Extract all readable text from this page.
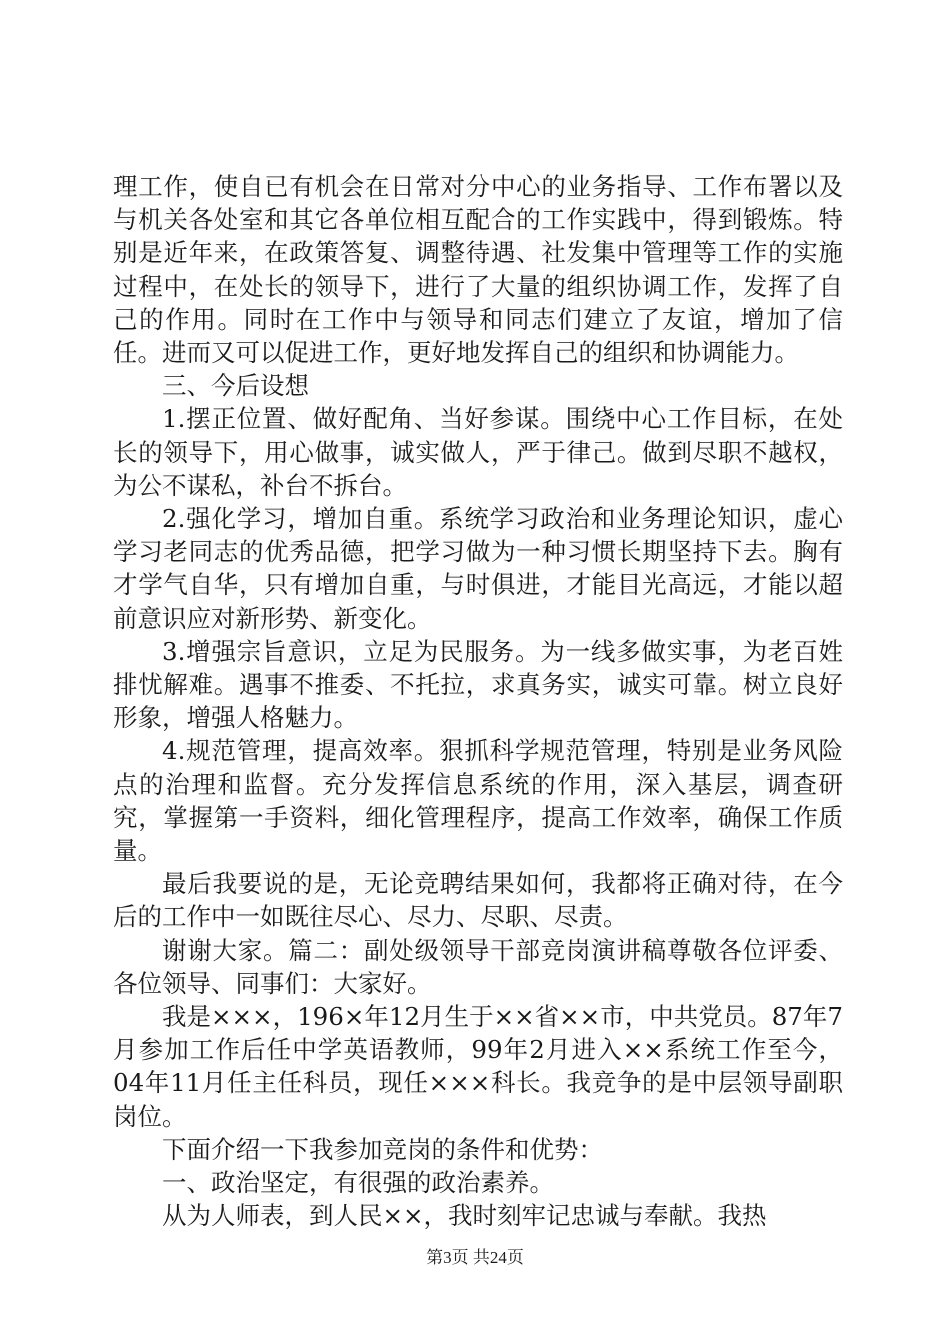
理工作，使自已有机会在日常对分中心的业务指导、工作布署以及与机关各处室和其它各单位相互配合的工作实践中，得到锻炼。特别是近年来，在政策答复、调整待遇、社发集中管理等工作的实施过程中，在处长的领导下，进行了大量的组织协调工作，发挥了自己的作用。同时在工作中与领导和同志们建立了友谊，增加了信任。进而又可以促进工作，更好地发挥自己的组织和协调能力。

三、今后设想

1.摆正位置、做好配角、当好参谋。围绕中心工作目标，在处长的领导下，用心做事，诚实做人，严于律己。做到尽职不越权，为公不谋私，补台不拆台。

2.强化学习，增加自重。系统学习政治和业务理论知识，虚心学习老同志的优秀品德，把学习做为一种习惯长期坚持下去。胸有才学气自华，只有增加自重，与时俱进，才能目光高远，才能以超前意识应对新形势、新变化。

3.增强宗旨意识，立足为民服务。为一线多做实事，为老百姓排忧解难。遇事不推委、不托拉，求真务实，诚实可靠。树立良好形象，增强人格魅力。

4.规范管理，提高效率。狠抓科学规范管理，特别是业务风险点的治理和监督。充分发挥信息系统的作用，深入基层，调查研究，掌握第一手资料，细化管理程序，提高工作效率，确保工作质量。

最后我要说的是，无论竞聘结果如何，我都将正确对待，在今后的工作中一如既往尽心、尽力、尽职、尽责。

谢谢大家。篇二：副处级领导干部竞岗演讲稿尊敬各位评委、各位领导、同事们：大家好。

我是×××，196×年12月生于××省××市，中共党员。87年7月参加工作后任中学英语教师，99年2月进入××系统工作至今，04年11月任主任科员，现任×××科长。我竞争的是中层领导副职岗位。

下面介绍一下我参加竞岗的条件和优势：

一、政治坚定，有很强的政治素养。

从为人师表，到人民××，我时刻牢记忠诚与奉献。我热

第3页 共24页
